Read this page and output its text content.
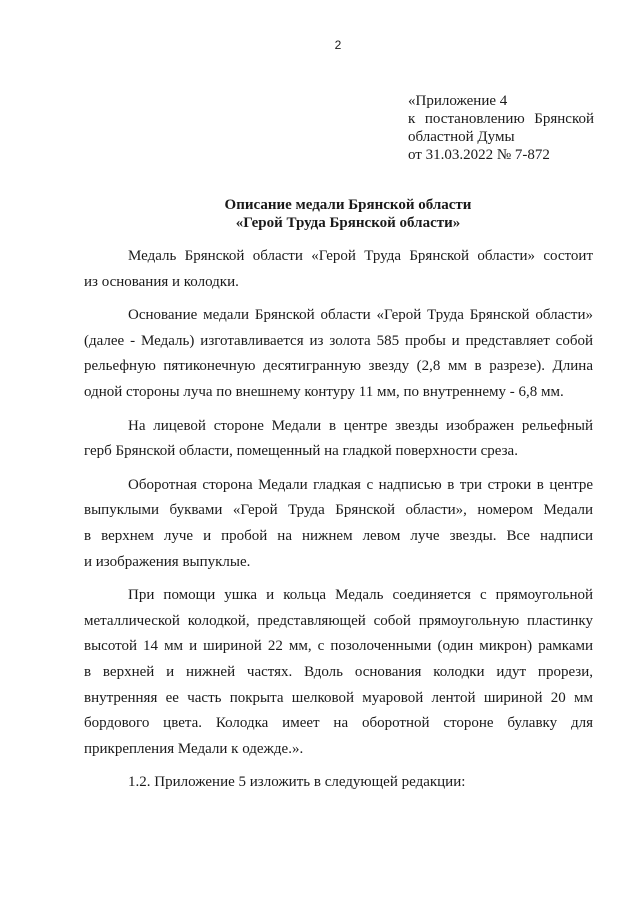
2
«Приложение 4
к постановлению Брянской
областной Думы
от 31.03.2022 № 7-872
Описание медали Брянской области
«Герой Труда Брянской области»
Медаль Брянской области «Герой Труда Брянской области» состоит
из основания и колодки.
Основание медали Брянской области «Герой Труда Брянской области»
(далее - Медаль) изготавливается из золота 585 пробы и представляет собой
рельефную пятиконечную десятигранную звезду (2,8 мм в разрезе). Длина
одной стороны луча по внешнему контуру 11 мм, по внутреннему - 6,8 мм.
На лицевой стороне Медали в центре звезды изображен рельефный
герб Брянской области, помещенный на гладкой поверхности среза.
Оборотная сторона Медали гладкая с надписью в три строки в центре
выпуклыми буквами «Герой Труда Брянской области», номером Медали
в верхнем луче и пробой на нижнем левом луче звезды. Все надписи
и изображения выпуклые.
При помощи ушка и кольца Медаль соединяется с прямоугольной
металлической колодкой, представляющей собой прямоугольную пластинку
высотой 14 мм и шириной 22 мм, с позолоченными (один микрон) рамками
в верхней и нижней частях. Вдоль основания колодки идут прорези,
внутренняя ее часть покрыта шелковой муаровой лентой шириной 20 мм
бордового цвета. Колодка имеет на оборотной стороне булавку для
прикрепления Медали к одежде.».
1.2. Приложение 5 изложить в следующей редакции:
